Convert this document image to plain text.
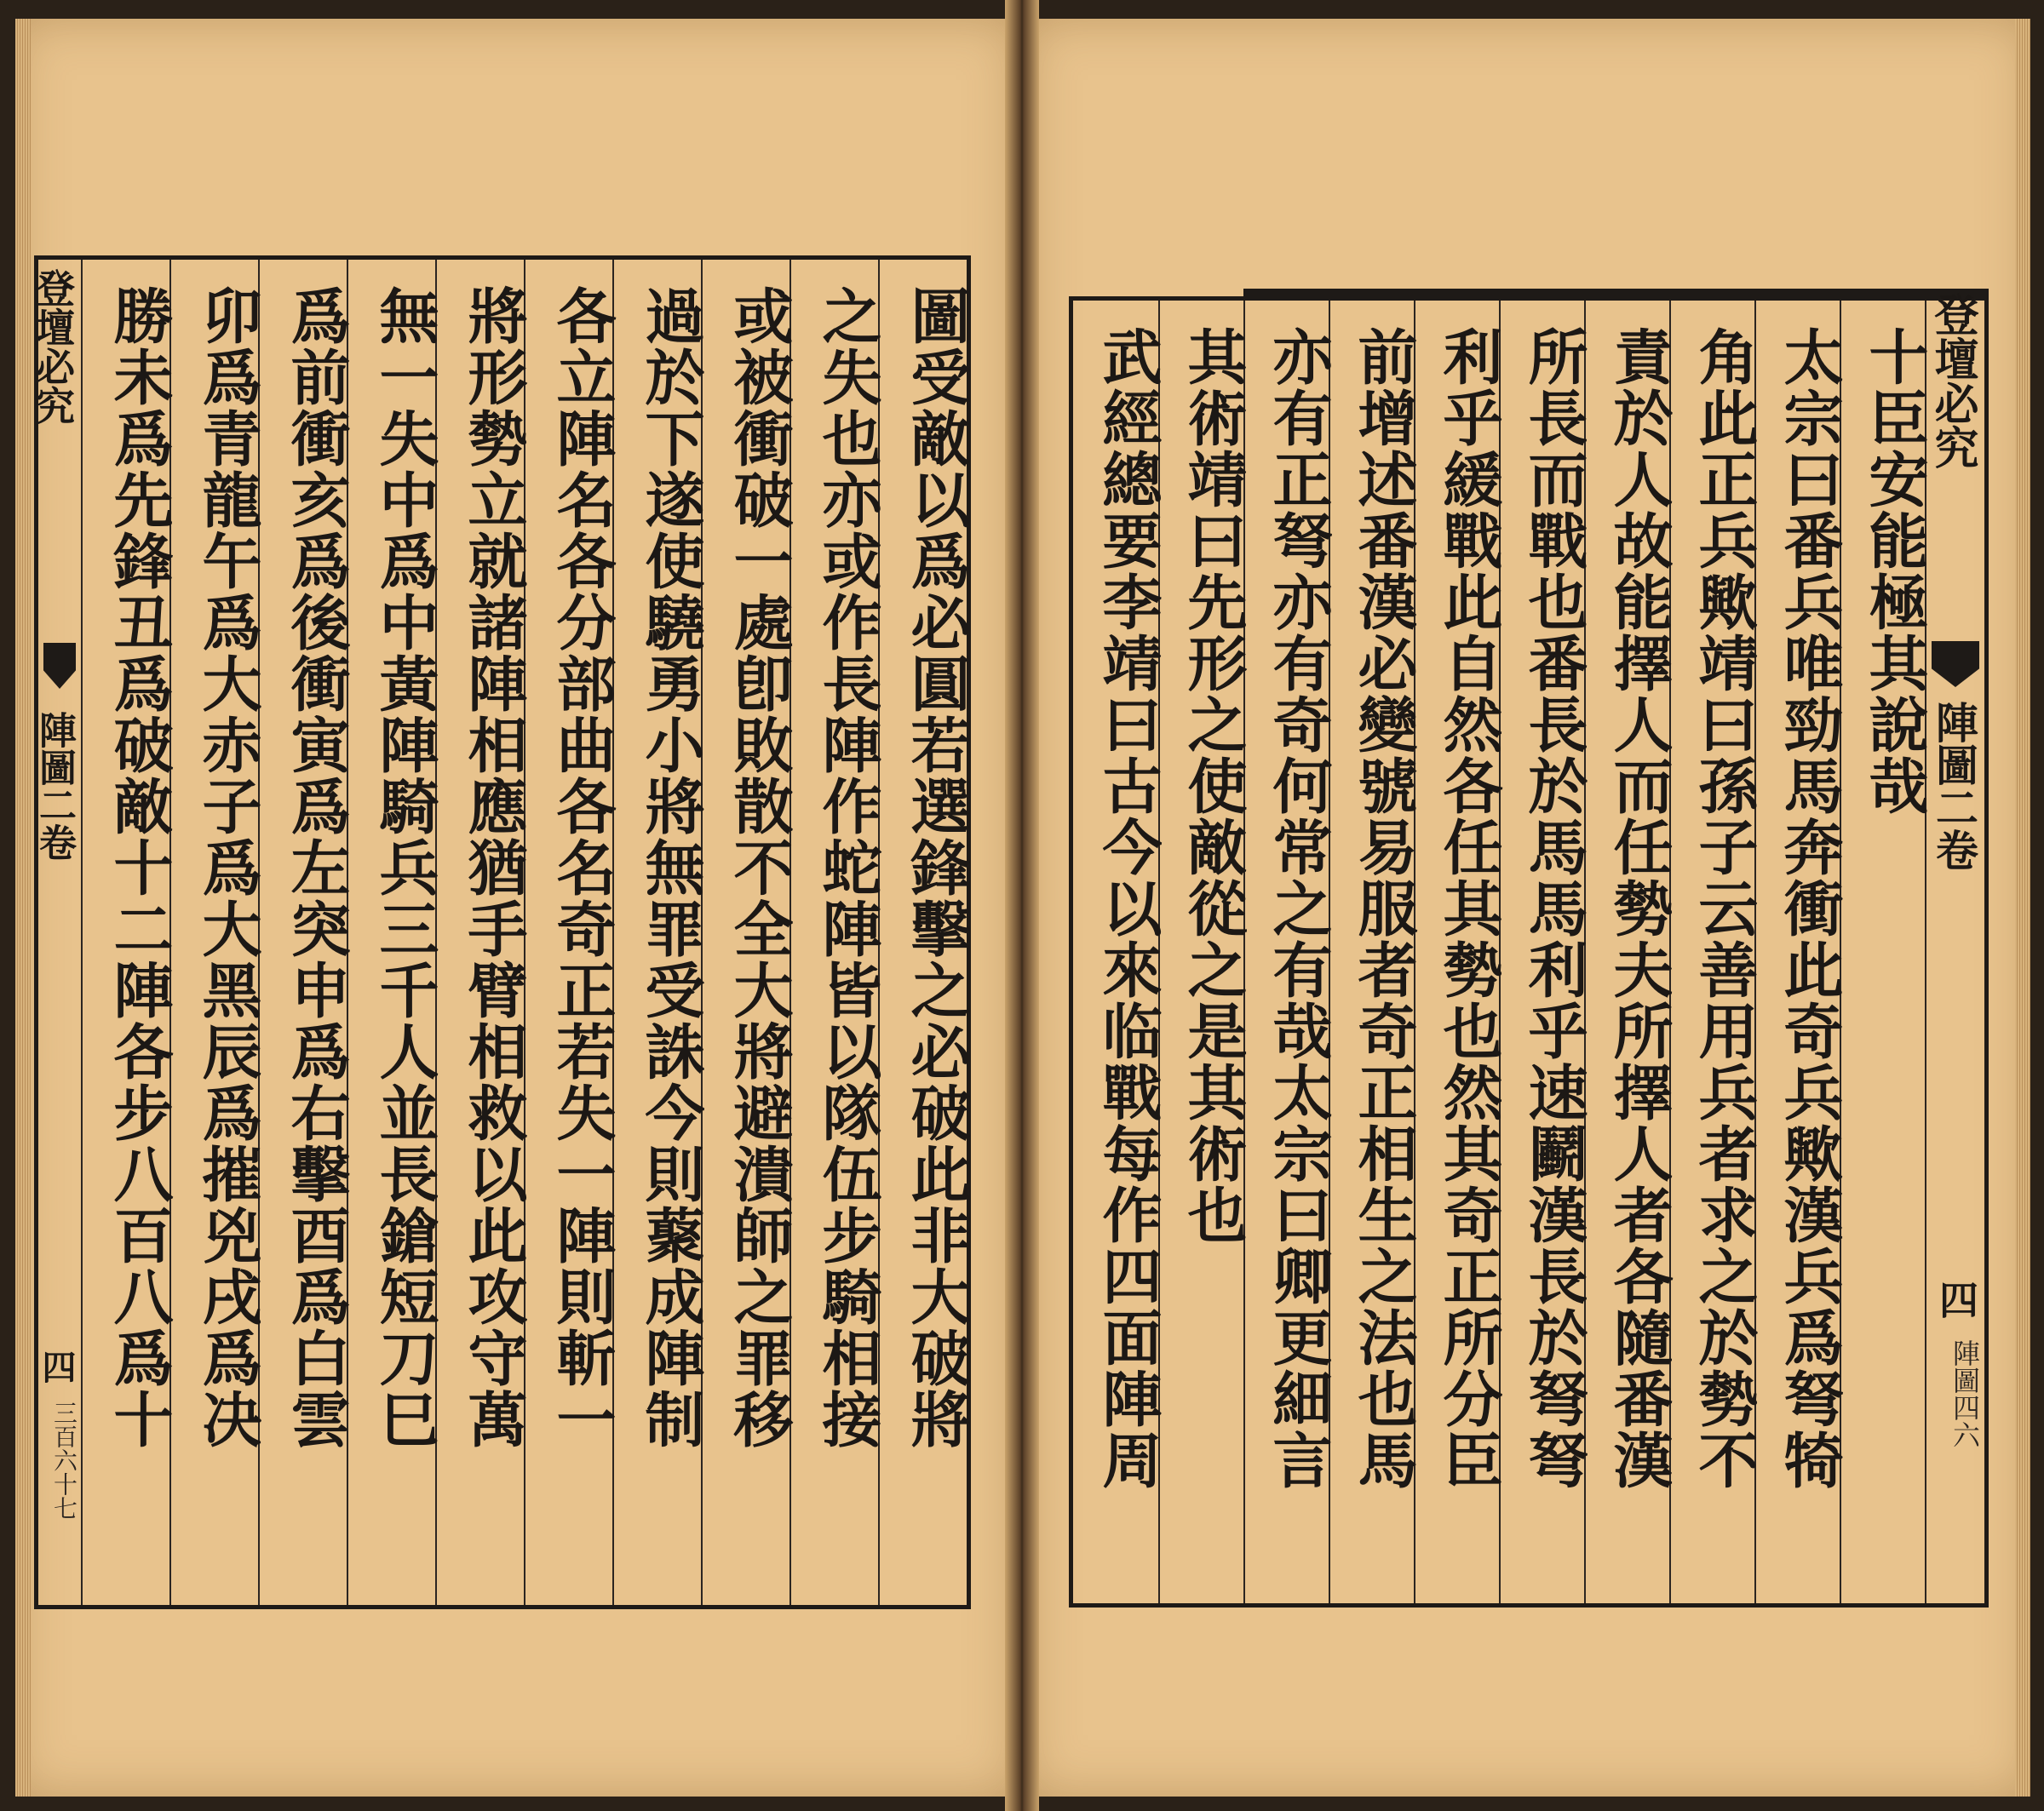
圖受敵以爲必圓若選鋒擊之必破此非大破將
之失也亦或作長陣作蛇陣皆以隊伍步騎相接
或被衝破一處卽敗散不全大將避潰師之罪移
過於下遂使驍勇小將無罪受誅今則藂成陣制
各立陣名各分部曲各名奇正若失一陣則斬一
將形勢立就諸陣相應猶手臂相救以此攻守萬
無一失中爲中黃陣騎兵三千人並長鎗短刀巳
爲前衝亥爲後衝寅爲左突申爲右擊酉爲白雲
卯爲青龍午爲大赤子爲大黑辰爲摧兇戌爲决
勝未爲先鋒丑爲破敵十二陣各步八百八爲十
登壇必究
陣圖二卷
四
三百六十七
登壇必究
陣圖二卷
四
陣圖四六
十臣安能極其說哉
太宗曰番兵唯勁馬奔衝此奇兵歟漢兵爲弩犄
角此正兵歟靖曰孫子云善用兵者求之於勢不
責於人故能擇人而任勢夫所擇人者各隨番漢
所長而戰也番長於馬馬利乎速鬬漢長於弩弩
利乎緩戰此自然各任其勢也然其奇正所分臣
前增述番漢必變號易服者奇正相生之法也馬
亦有正弩亦有奇何常之有哉太宗曰卿更細言
其術靖曰先形之使敵從之是其術也
武經總要李靖曰古今以來临戰每作四面陣周
